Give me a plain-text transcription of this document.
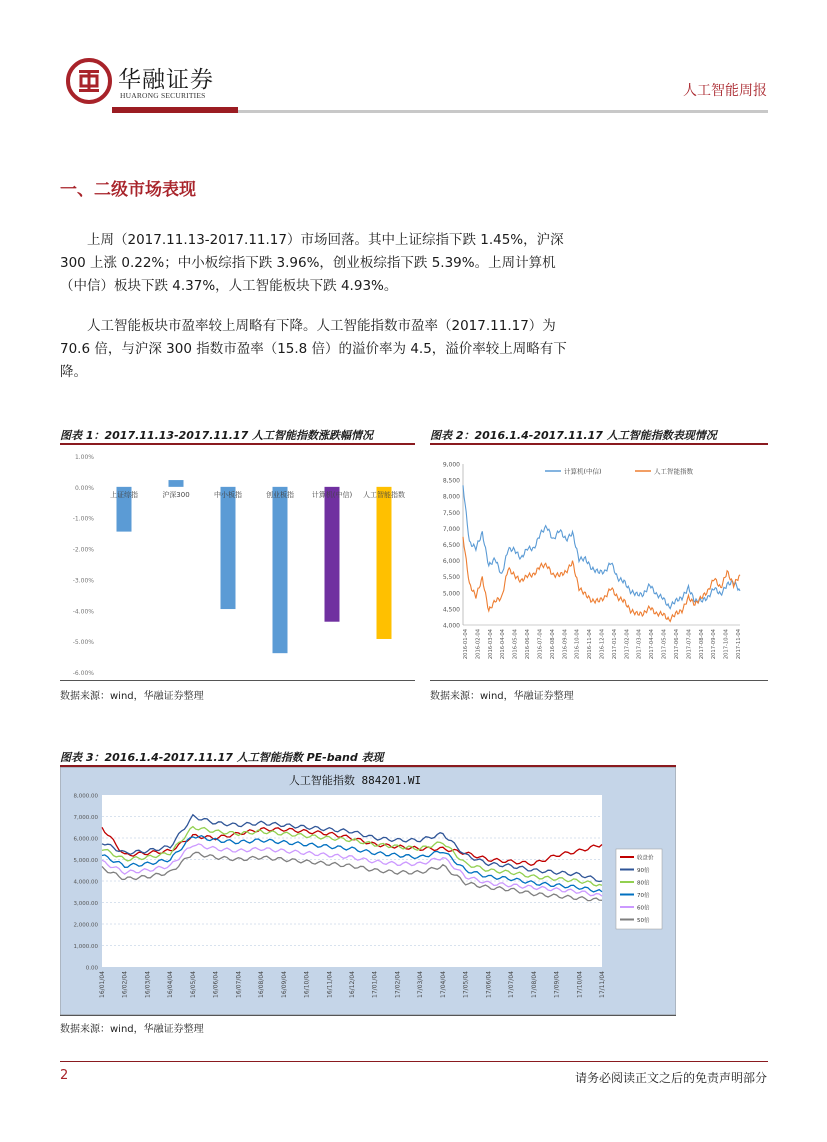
华融证券
HUARONG SECURITIES	人工智能周报
一、二级市场表现
上周（2017.11.13-2017.11.17）市场回落。其中上证综指下跌 1.45%，沪深 300 上涨 0.22%；中小板综指下跌 3.96%，创业板综指下跌 5.39%。上周计算机（中信）板块下跌 4.37%，人工智能板块下跌 4.93%。
人工智能板块市盈率较上周略有下降。人工智能指数市盈率（2017.11.17）为 70.6 倍，与沪深 300 指数市盈率（15.8 倍）的溢价率为 4.5，溢价率较上周略有下降。
图表 1：2017.11.13-2017.11.17 人工智能指数涨跌幅情况
1.00%
0.00%
-1.00%
-2.00%
-3.00%
-4.00%
-5.00%
-6.00%
上证综指	沪深300	中小板指	创业板指	计算机(中信) 人工智能指数
数据来源：wind，华融证券整理
图表 2：2016.1.4-2017.11.17 人工智能指数表现情况
9,000
8,500
8,000
7,500
7,000
6,500
6,000
5,500
5,000
4,500
4,000
计算机(中信)	人工智能指数
2016-01-04 2016-02-04 2016-03-04 2016-04-04 2016-05-04 2016-06-04 2016-07-04 2016-08-04 2016-09-04 2016-10-04 2016-11-04 2016-12-04 2017-01-04 2017-02-04 2017-03-04 2017-04-04 2017-05-04 2017-06-04 2017-07-04 2017-08-04 2017-09-04 2017-10-04 2017-11-04
数据来源：wind，华融证券整理
图表 3：2016.1.4-2017.11.17 人工智能指数 PE-band 表现
人工智能指数 884201.WI
8,000.00
7,000.00
6,000.00
5,000.00
4,000.00
3,000.00
2,000.00
1,000.00
0.00
收盘价
90倍
80倍
70倍
60倍
50倍
16/01/04	16/02/04	16/03/04	16/04/04	16/05/04	16/06/04	16/07/04	16/08/04	16/09/04	16/10/04	16/11/04	16/12/04	17/01/04	17/02/04	17/03/04	17/04/04	17/05/04	17/06/04	17/07/04	17/08/04	17/09/04	17/10/04	17/11/04
数据来源：wind，华融证券整理
2	请务必阅读正文之后的免责声明部分
